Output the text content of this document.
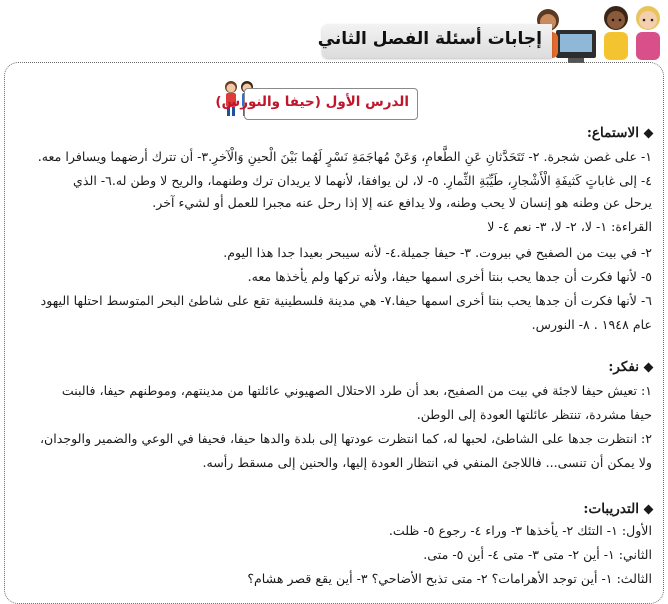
إجابات أسئلة الفصل الثاني
الدرس الأول (حيفا والنورس)
الاستماع:
١- على غصن شجرة. ٢- تَتَحَدَّثانِ عَنِ الطَّعامِ، وَعَنْ مُهاجَمَةِ نَسْرٍ لَهُما بَيْنَ الْحينِ وَالْآخرِ.٣- أن تترك أرضهما ويسافرا معه.
٤- إلى غاباتٍ كَثيفَةِ الْأَشْجارِ، طَيِّبَةِ الثِّمارِ. ٥- لا، لن يوافقا، لأنهما لا يريدان ترك وطنهما، والريح لا وطن له.٦- الذي
يرحل عن وطنه هو إنسان لا يحب وطنه، ولا يدافع عنه إلا إذا رحل عنه مجبرا للعمل أو لشيء آخر.
القراءة: ١- لا، ٢- لا، ٣- نعم ٤- لا
٢- في بيت من الصفيح في بيروت. ٣- حيفا جميلة.٤- لأنه سيبحر بعيدا جدا هذا اليوم.
٥- لأنها فكرت أن جدها يحب بنتا أخرى اسمها حيفا، ولأنه تركها ولم يأخذها معه.
٦- لأنها فكرت أن جدها يحب بنتا أخرى اسمها حيفا.٧- هي مدينة فلسطينية تقع على شاطئ البحر المتوسط احتلها اليهود
عام ١٩٤٨ . ٨- النورس.
نفكر:
١: تعيش حيفا لاجئة في بيت من الصفيح، بعد أن طرد الاحتلال الصهيوني عائلتها من مدينتهم، وموطنهم حيفا، فالبنت
حيفا مشردة، تنتظر عائلتها العودة إلى الوطن.
٢: انتظرت جدها على الشاطئ، لحبها له، كما انتظرت عودتها إلى بلدة والدها حيفا، فحيفا في الوعي والضمير والوجدان،
ولا يمكن أن تنسى... فاللاجئ المنفي في انتظار العودة إليها، والحنين إلى مسقط رأسه.
التدريبات:
الأول: ١- التئك ٢- يأخذها ٣- وراء ٤- رجوع ٥- ظلت.
الثاني: ١- أين ٢- متى ٣- متى ٤- أين ٥- متى.
الثالث: ١- أين توجد الأهرامات؟ ٢- متى تذبح الأضاحي؟ ٣- أين يقع قصر هشام؟
